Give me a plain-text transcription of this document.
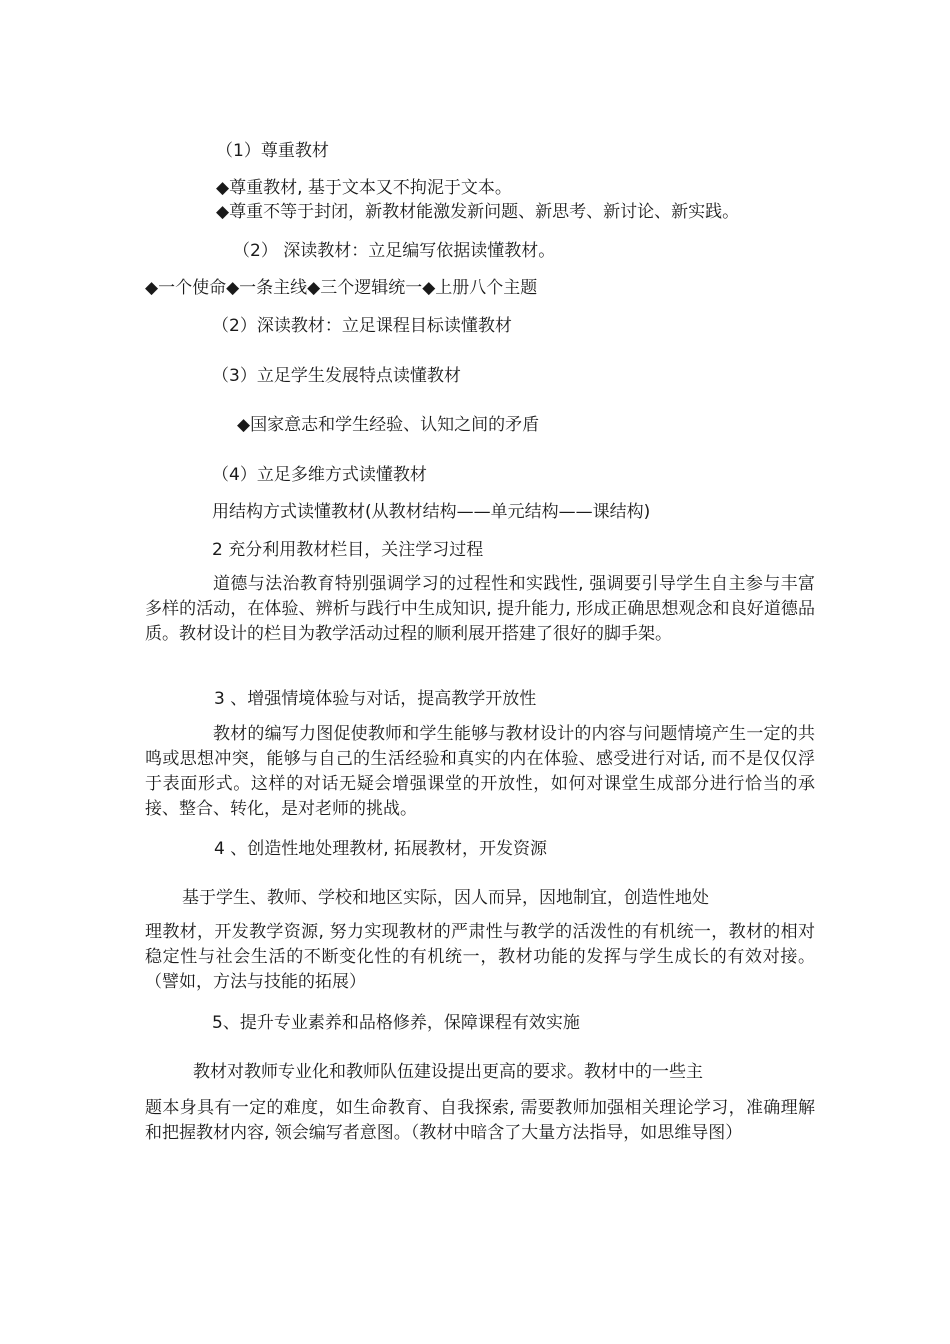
（1）尊重教材
◆尊重教材, 基于文本又不拘泥于文本。
◆尊重不等于封闭，新教材能激发新问题、新思考、新讨论、新实践。
（2） 深读教材：立足编写依据读懂教材。
◆一个使命◆一条主线◆三个逻辑统一◆上册八个主题
（2）深读教材：立足课程目标读懂教材
（3）立足学生发展特点读懂教材
◆国家意志和学生经验、认知之间的矛盾
（4）立足多维方式读懂教材
用结构方式读懂教材(从教材结构——单元结构——课结构)
2 充分利用教材栏目，关注学习过程

道德与法治教育特别强调学习的过程性和实践性, 强调要引导学生自主参与丰富多样的活动，在体验、辨析与践行中生成知识, 提升能力, 形成正确思想观念和良好道德品质。教材设计的栏目为教学活动过程的顺利展开搭建了很好的脚手架。

3 、增强情境体验与对话，提高教学开放性

教材的编写力图促使教师和学生能够与教材设计的内容与问题情境产生一定的共鸣或思想冲突，能够与自己的生活经验和真实的内在体验、感受进行对话, 而不是仅仅浮于表面形式。这样的对话无疑会增强课堂的开放性，如何对课堂生成部分进行恰当的承接、整合、转化，是对老师的挑战。

4 、创造性地处理教材, 拓展教材，开发资源
基于学生、教师、学校和地区实际，因人而异，因地制宜，创造性地处

理教材，开发教学资源, 努力实现教材的严肃性与教学的活泼性的有机统一，教材的相对稳定性与社会生活的不断变化性的有机统一，教材功能的发挥与学生成长的有效对接。（譬如，方法与技能的拓展）

5、提升专业素养和品格修养，保障课程有效实施
教材对教师专业化和教师队伍建设提出更高的要求。教材中的一些主

题本身具有一定的难度，如生命教育、自我探索, 需要教师加强相关理论学习，准确理解和把握教材内容, 领会编写者意图。（教材中暗含了大量方法指导，如思维导图）
